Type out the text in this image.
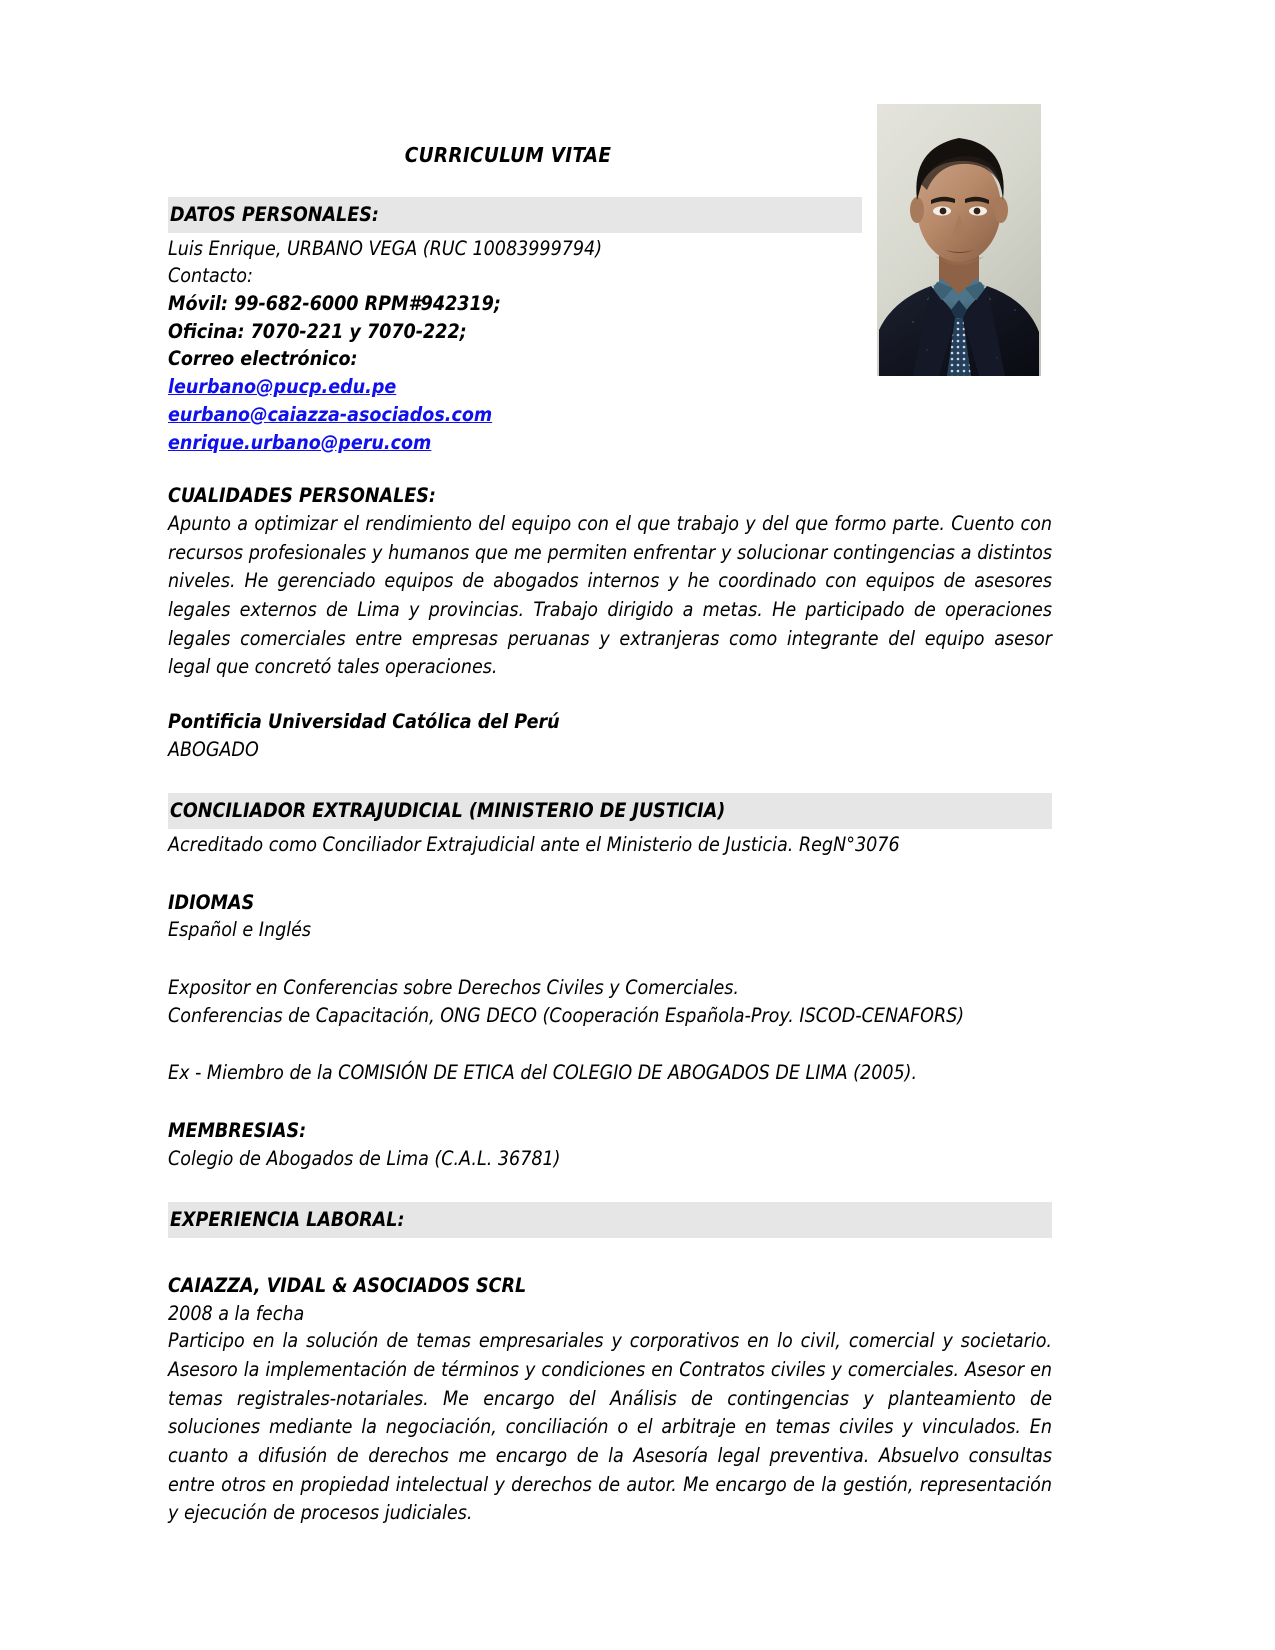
CURRICULUM VITAE
DATOS PERSONALES:
Luis Enrique, URBANO VEGA (RUC 10083999794)
Contacto:
Móvil: 99-682-6000 RPM#942319;
Oficina: 7070-221 y 7070-222;
Correo electrónico:
leurbano@pucp.edu.pe
eurbano@caiazza-asociados.com
enrique.urbano@peru.com
CUALIDADES PERSONALES:
Apunto a optimizar el rendimiento del equipo con el que trabajo y del que formo parte. Cuento con recursos profesionales y humanos que me permiten enfrentar y solucionar contingencias a distintos niveles. He gerenciado equipos de abogados internos y he coordinado con equipos de asesores legales externos de Lima y provincias. Trabajo dirigido a metas. He participado de operaciones legales comerciales entre empresas peruanas y extranjeras como integrante del equipo asesor legal que concretó tales operaciones.
Pontificia Universidad Católica del Perú
ABOGADO
CONCILIADOR EXTRAJUDICIAL (MINISTERIO DE JUSTICIA)
Acreditado como Conciliador Extrajudicial ante el Ministerio de Justicia. RegN°3076
IDIOMAS
Español e Inglés
Expositor en Conferencias sobre Derechos Civiles y Comerciales.
Conferencias de Capacitación, ONG DECO (Cooperación Española-Proy. ISCOD-CENAFORS)
Ex - Miembro de la COMISIÓN DE ETICA del COLEGIO DE ABOGADOS DE LIMA (2005).
MEMBRESIAS:
Colegio de Abogados de Lima (C.A.L. 36781)
EXPERIENCIA LABORAL:
CAIAZZA, VIDAL & ASOCIADOS SCRL
2008 a la fecha
Participo en la solución de temas empresariales y corporativos en lo civil, comercial y societario. Asesoro la implementación de términos y condiciones en Contratos civiles y comerciales. Asesor en temas registrales-notariales. Me encargo del Análisis de contingencias y planteamiento de soluciones mediante la negociación, conciliación o el arbitraje en temas civiles y vinculados. En cuanto a difusión de derechos me encargo de la Asesoría legal preventiva. Absuelvo consultas entre otros en propiedad intelectual y derechos de autor. Me encargo de la gestión, representación y ejecución de procesos judiciales.
